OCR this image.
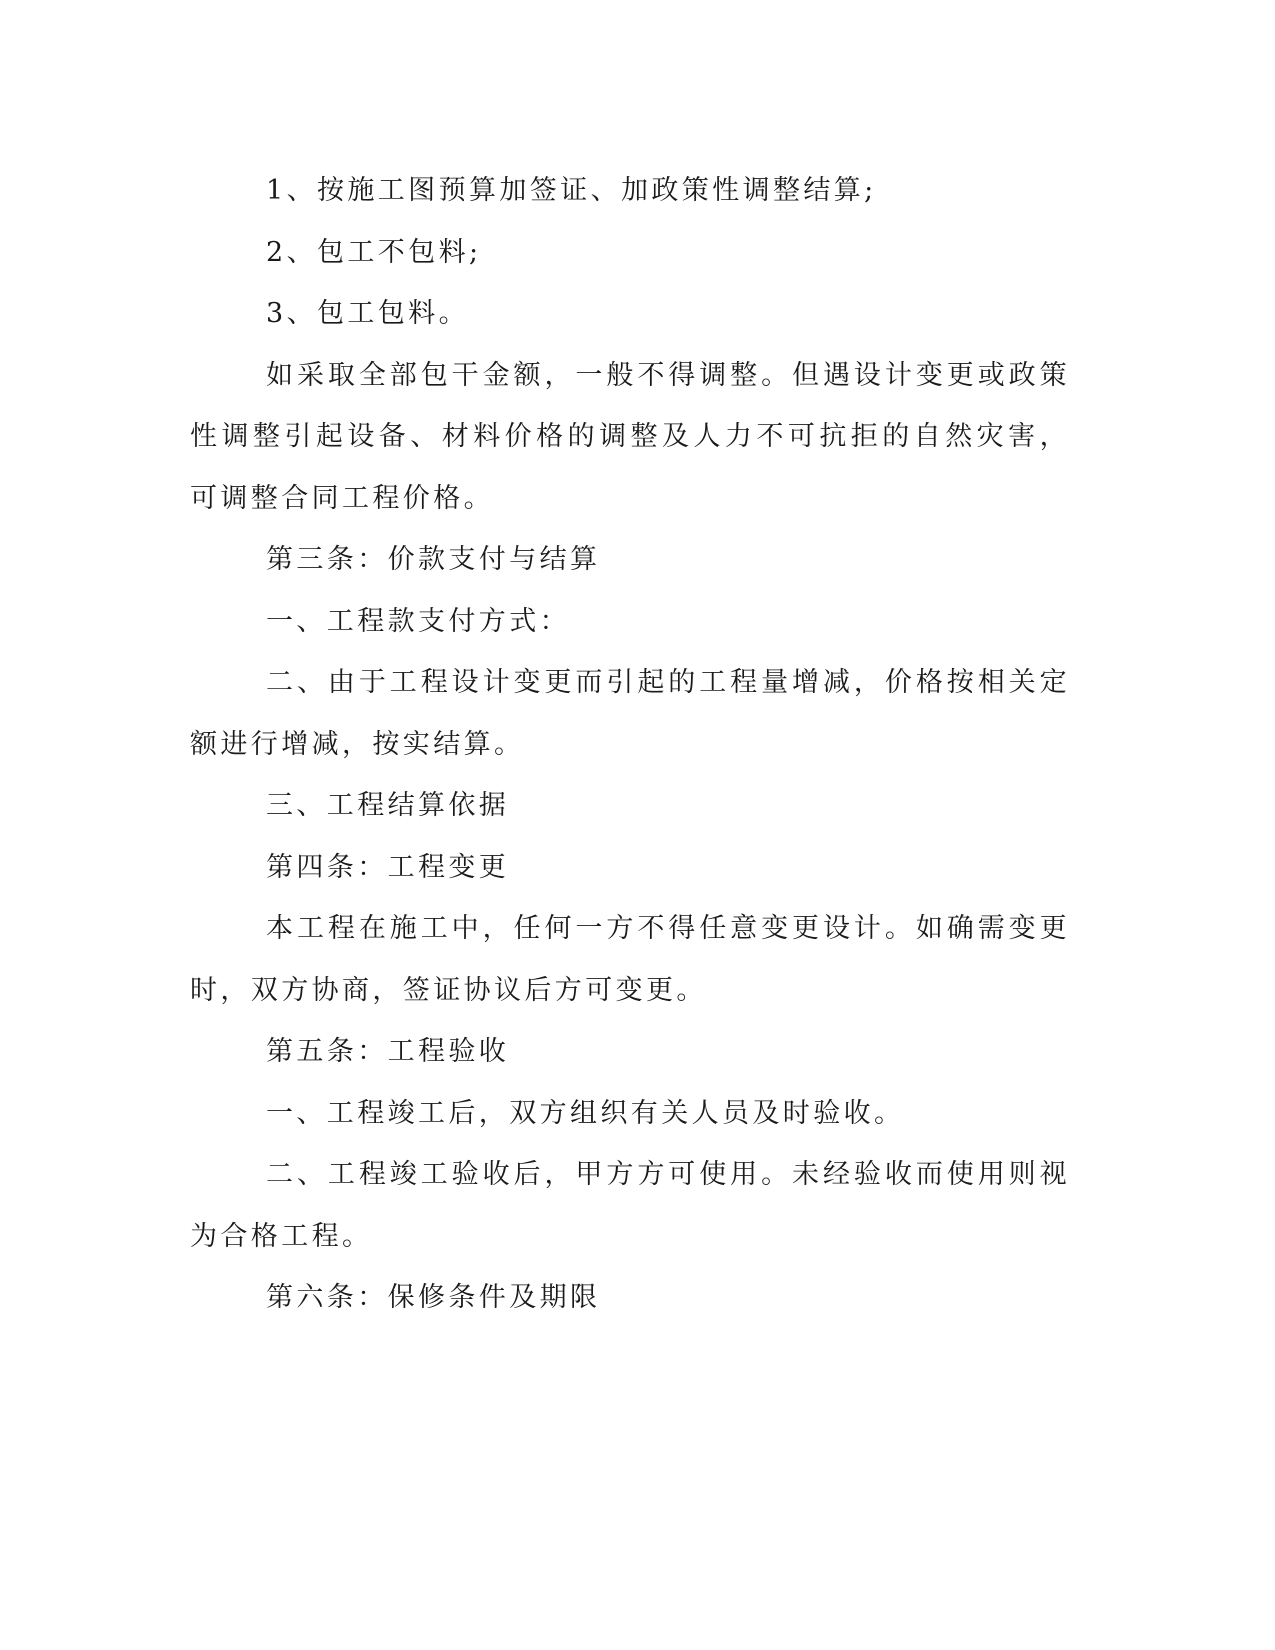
1、按施工图预算加签证、加政策性调整结算;

2、包工不包料;

3、包工包料。

如采取全部包干金额，一般不得调整。但遇设计变更或政策性调整引起设备、材料价格的调整及人力不可抗拒的自然灾害，可调整合同工程价格。

第三条：价款支付与结算

一、工程款支付方式：

二、由于工程设计变更而引起的工程量增减，价格按相关定额进行增减，按实结算。

三、工程结算依据

第四条：工程变更

本工程在施工中，任何一方不得任意变更设计。如确需变更时，双方协商，签证协议后方可变更。

第五条：工程验收

一、工程竣工后，双方组织有关人员及时验收。

二、工程竣工验收后，甲方方可使用。未经验收而使用则视为合格工程。

第六条：保修条件及期限
